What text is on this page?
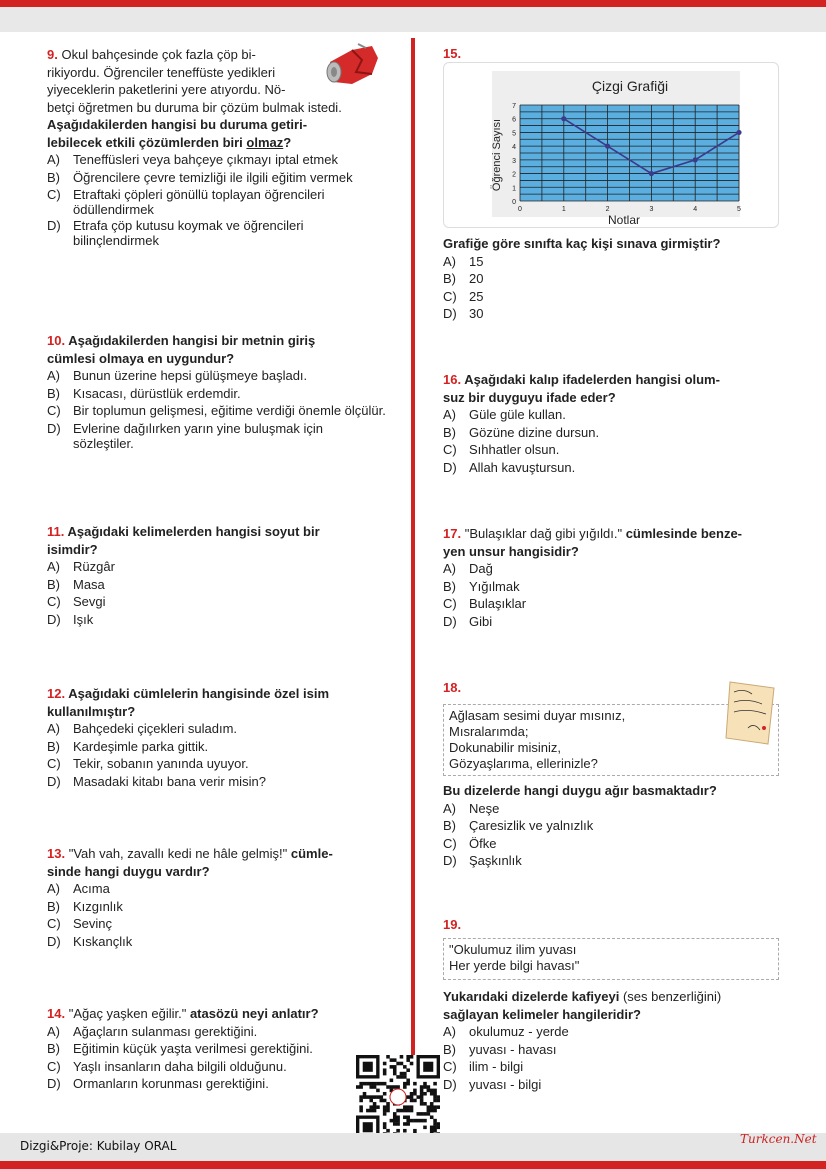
9. Okul bahçesinde çok fazla çöp bi-
rikiyordu. Öğrenciler teneffüste yedikleri
yiyeceklerin paketlerini yere atıyordu. Nö-
betçi öğretmen bu duruma bir çözüm bulmak istedi.
Aşağıdakilerden hangisi bu duruma getiri-
lebilecek etkili çözümlerden biri olmaz?
A)	Teneffüsleri veya bahçeye çıkmayı iptal etmek
B)	Öğrencilere çevre temizliği ile ilgili eğitim vermek
C) Etraftaki çöpleri gönüllü toplayan öğrencileri ödüllendirmek
D) Etrafa çöp kutusu koymak ve öğrencileri bilinçlendirmek
10. Aşağıdakilerden hangisi bir metnin giriş
cümlesi olmaya en uygundur?
A)	Bunun üzerine hepsi gülüşmeye başladı.
B)	Kısacası, dürüstlük erdemdir.
C) Bir toplumun gelişmesi, eğitime verdiği önemle ölçülür.
D) Evlerine dağılırken yarın yine buluşmak için sözleştiler.
11. Aşağıdaki kelimelerden hangisi soyut bir
isimdir?
A)	Rüzgâr
B)	Masa
C) Sevgi
D) Işık
12. Aşağıdaki cümlelerin hangisinde özel isim
kullanılmıştır?
A)	Bahçedeki çiçekleri suladım.
B)	Kardeşimle parka gittik.
C) Tekir, sobanın yanında uyuyor.
D) Masadaki kitabı bana verir misin?
13. "Vah vah, zavallı kedi ne hâle gelmiş!" cümle-
sinde hangi duygu vardır?
A)	Acıma
B)	Kızgınlık
C) Sevinç
D) Kıskançlık
14. "Ağaç yaşken eğilir." atasözü neyi anlatır?
A)	Ağaçların sulanması gerektiğini.
B)	Eğitimin küçük yaşta verilmesi gerektiğini.
C) Yaşlı insanların daha bilgili olduğunu.
D) Ormanların korunması gerektiğini.
15.
Çizgi Grafiği
0
1
2
3
4
5
6
7
0	1	2	3	4	5
Notlar
Öğrenci Sayısı
Grafiğe göre sınıfta kaç kişi sınava girmiştir?
A)	15
B)	20
C) 25
D) 30
16. Aşağıdaki kalıp ifadelerden hangisi olum-
suz bir duyguyu ifade eder?
A)	Güle güle kullan.
B)	Gözüne dizine dursun.
C) Sıhhatler olsun.
D) Allah kavuştursun.
17. "Bulaşıklar dağ gibi yığıldı." cümlesinde benze-
yen unsur hangisidir?
A)	Dağ
B)	Yığılmak
C) Bulaşıklar
D) Gibi
18.
Ağlasam sesimi duyar mısınız,
Mısralarımda;
Dokunabilir misiniz,
Gözyaşlarıma, ellerinizle?
Bu dizelerde hangi duygu ağır basmaktadır?
A)	Neşe
B)	Çaresizlik ve yalnızlık
C) Öfke
D) Şaşkınlık
19.
"Okulumuz ilim yuvası
Her yerde bilgi havası"
Yukarıdaki dizelerde kafiyeyi (ses benzerliğini)
sağlayan kelimeler hangileridir?
A)	okulumuz - yerde
B)	yuvası - havası
C) ilim - bilgi
D) yuvası - bilgi
Dizgi&Proje: Kubilay ORAL	Turkcen.Net
